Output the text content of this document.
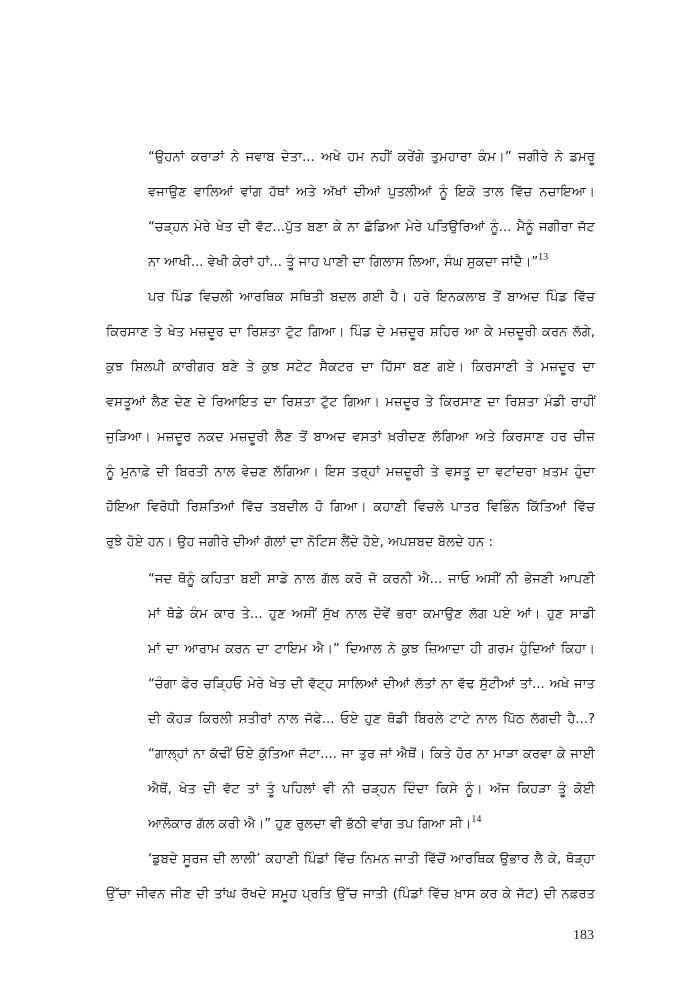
“ਉਹਨਾਂ ਕਰਾੜਾਂ ਨੇ ਜਵਾਬ ਦੇਤਾ... ਅਖੇ ਹਮ ਨਹੀਂ ਕਰੇਂਗੇ ਤੁਮਹਾਰਾ ਕੰਮ।” ਜਗੀਰੇ ਨੇ ਡਮਰੂ
ਵਜਾਉਣ ਵਾਲਿਆਂ ਵਾਂਗ ਹੱਥਾਂ ਅਤੇ ਅੱਖਾਂ ਦੀਆਂ ਪੁਤਲੀਆਂ ਨੂੰ ਇਕੋ ਤਾਲ ਵਿੱਚ ਨਚਾਇਆ।
“ਚੜ੍ਹਨ ਮੇਰੇ ਖੇਤ ਦੀ ਵੱਟ...ਪੁੱਤ ਬਣਾ ਕੇ ਨਾ ਛੱਡਿਆ ਮੇਰੇ ਪਤਿਉਰਿਆਂ ਨੂੰ... ਮੈਨੂੰ ਜਗੀਰਾ ਜੱਟ
ਨਾ ਆਖੀ... ਵੇਖੀ ਕੇਰਾਂ ਹਾਂ... ਤੂੰ ਜਾਹ ਪਾਣੀ ਦਾ ਗਿਲਾਸ ਲਿਆ, ਸੰਘ ਸੁਕਦਾ ਜਾਂਦੈ।”$^{13}$
ਪਰ ਪਿੰਡ ਵਿਚਲੀ ਆਰਥਿਕ ਸਥਿਤੀ ਬਦਲ ਗਈ ਹੈ। ਹਰੇ ਇਨਕਲਾਬ ਤੋਂ ਬਾਅਦ ਪਿੰਡ ਵਿੱਚ
ਕਿਰਸਾਣ ਤੇ ਖੇਤ ਮਜ਼ਦੂਰ ਦਾ ਰਿਸ਼ਤਾ ਟੁੱਟ ਗਿਆ। ਪਿੰਡ ਦੇ ਮਜ਼ਦੂਰ ਸ਼ਹਿਰ ਆ ਕੇ ਮਜ਼ਦੂਰੀ ਕਰਨ ਲੱਗੇ,
ਕੁਝ ਸ਼ਿਲਪੀ ਕਾਰੀਗਰ ਬਣੇ ਤੇ ਕੁਝ ਸਟੇਟ ਸੈਕਟਰ ਦਾ ਹਿੱਸਾ ਬਣ ਗਏ। ਕਿਰਸਾਣੀ ਤੇ ਮਜ਼ਦੂਰ ਦਾ
ਵਸਤੂਆਂ ਲੈਣ ਦੇਣ ਦੇ ਰਿਆਇਤ ਦਾ ਰਿਸ਼ਤਾ ਟੁੱਟ ਗਿਆ। ਮਜ਼ਦੂਰ ਤੇ ਕਿਰਸਾਣ ਦਾ ਰਿਸ਼ਤਾ ਮੰਡੀ ਰਾਹੀਂ
ਜੁੜਿਆ। ਮਜ਼ਦੂਰ ਨਕਦ ਮਜ਼ਦੂਰੀ ਲੈਣ ਤੋਂ ਬਾਅਦ ਵਸਤਾਂ ਖ਼ਰੀਦਣ ਲੱਗਿਆ ਅਤੇ ਕਿਰਸਾਣ ਹਰ ਚੀਜ਼
ਨੂੰ ਮੁਨਾਫ਼ੇ ਦੀ ਬਿਰਤੀ ਨਾਲ ਵੇਚਣ ਲੱਗਿਆ। ਇਸ ਤਰ੍ਹਾਂ ਮਜ਼ਦੂਰੀ ਤੇ ਵਸਤੂ ਦਾ ਵਟਾਂਦਰਾ ਖ਼ਤਮ ਹੁੰਦਾ
ਹੋਇਆ ਵਿਰੋਧੀ ਰਿਸ਼ਤਿਆਂ ਵਿੱਚ ਤਬਦੀਲ ਹੋ ਗਿਆ। ਕਹਾਣੀ ਵਿਚਲੇ ਪਾਤਰ ਵਿਭਿੰਨ ਕਿੱਤਿਆਂ ਵਿੱਚ
ਰੁਝੇ ਹੋਏ ਹਨ। ਉਹ ਜਗੀਰੇ ਦੀਆਂ ਗੱਲਾਂ ਦਾ ਨੋਟਿਸ ਲੈਂਦੇ ਹੋਏ, ਅਪਸ਼ਬਦ ਬੋਲਦੇ ਹਨ :
“ਜਦ ਥੋਨੂੰ ਕਹਿਤਾ ਬਈ ਸਾਡੇ ਨਾਲ ਗੱਲ ਕਰੋ ਜੋ ਕਰਨੀ ਐ... ਜਾਓ ਅਸੀਂ ਨੀ ਭੇਜਣੀ ਆਪਣੀ
ਮਾਂ ਥੋਡੇ ਕੰਮ ਕਾਰ ਤੇ... ਹੁਣ ਅਸੀਂ ਸੁੱਖ ਨਾਲ ਦੋਵੇਂ ਭਰਾ ਕਮਾਉਣ ਲੱਗ ਪਏ ਆਂ। ਹੁਣ ਸਾਡੀ
ਮਾਂ ਦਾ ਆਰਾਮ ਕਰਨ ਦਾ ਟਾਇਮ ਐ।” ਦਿਆਲ ਨੇ ਕੁਝ ਜ਼ਿਆਦਾ ਹੀ ਗਰਮ ਹੁੰਦਿਆਂ ਕਿਹਾ।
“ਚੰਗਾ ਫੇਰ ਚੜ੍ਹਿਓ ਮੇਰੇ ਖੇਤ ਦੀ ਵੱਟ੍ਹ ਸਾਲਿਆਂ ਦੀਆਂ ਲੱਤਾਂ ਨਾ ਵੱਢ ਸੁੱਟੀਆਂ ਤਾਂ... ਅਖੇ ਜਾਤ
ਦੀ ਕੋਹੜ ਕਿਰਲੀ ਸ਼ਤੀਰਾਂ ਨਾਲ ਜੱਫੇ... ਓਏ ਹੁਣ ਥੋਡੀ ਬਿਰਲੇ ਟਾਟੇ ਨਾਲ ਪਿੱਠ ਲੱਗਦੀ ਹੈ...?
“ਗਾਲ੍ਹਾਂ ਨਾ ਕੱਢੀਂ ਓਏ ਕੁੱਤਿਆ ਜੱਟਾ.... ਜਾ ਤੁਰ ਜਾਂ ਐਥੋਂ। ਕਿਤੇ ਹੋਰ ਨਾ ਮਾੜਾ ਕਰਵਾ ਕੇ ਜਾਈ
ਐਥੋਂ, ਖੇਤ ਦੀ ਵੱਟ ਤਾਂ ਤੂੰ ਪਹਿਲਾਂ ਵੀ ਨੀ ਚੜ੍ਹਨ ਦਿੰਦਾ ਕਿਸੇ ਨੂੰ। ਅੱਜ ਕਿਹੜਾ ਤੂੰ ਕੋਈ
ਆਲੋਕਾਰ ਗੱਲ ਕਰੀ ਐ।” ਹੁਣ ਰੁਲਦਾ ਵੀ ਭੱਠੀ ਵਾਂਗ ਤਪ ਗਿਆ ਸੀ।$^{14}$
‘ਡੁਬਦੇ ਸੂਰਜ ਦੀ ਲਾਲੀ’ ਕਹਾਣੀ ਪਿੰਡਾਂ ਵਿੱਚ ਨਿਮਨ ਜਾਤੀ ਵਿੱਚੋਂ ਆਰਥਿਕ ਉਭਾਰ ਲੈ ਕੇ, ਥੋੜ੍ਹਾ
ਉੱਚਾ ਜੀਵਨ ਜੀਣ ਦੀ ਤਾਂਘ ਰੱਖਦੇ ਸਮੂਹ ਪ੍ਰਤਿ ਉੱਚ ਜਾਤੀ (ਪਿੰਡਾਂ ਵਿੱਚ ਖ਼ਾਸ ਕਰ ਕੇ ਜੱਟ) ਦੀ ਨਫ਼ਰਤ
183
